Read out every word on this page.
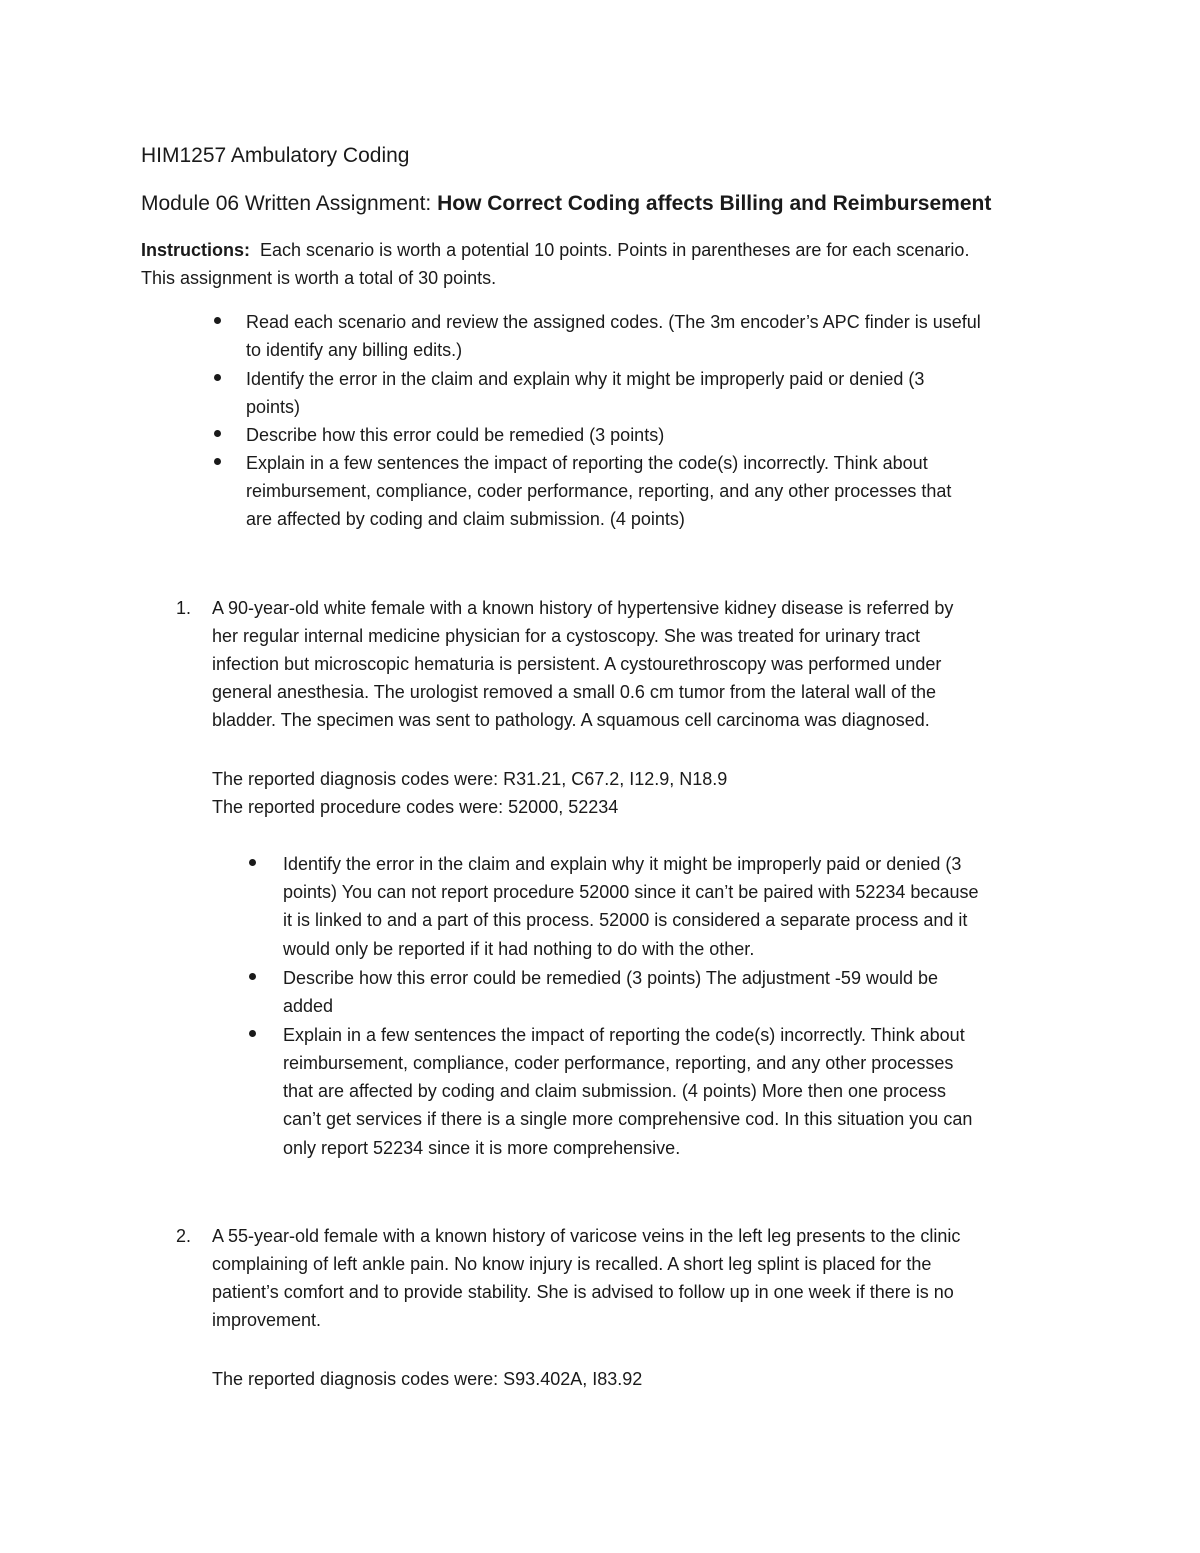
HIM1257 Ambulatory Coding
Module 06 Written Assignment: How Correct Coding affects Billing and Reimbursement
Instructions: Each scenario is worth a potential 10 points. Points in parentheses are for each scenario.
This assignment is worth a total of 30 points.
Read each scenario and review the assigned codes. (The 3m encoder’s APC finder is useful
to identify any billing edits.)
Identify the error in the claim and explain why it might be improperly paid or denied (3
points)
Describe how this error could be remedied (3 points)
Explain in a few sentences the impact of reporting the code(s) incorrectly. Think about
reimbursement, compliance, coder performance, reporting, and any other processes that
are affected by coding and claim submission. (4 points)
1. A 90-year-old white female with a known history of hypertensive kidney disease is referred by
her regular internal medicine physician for a cystoscopy. She was treated for urinary tract
infection but microscopic hematuria is persistent. A cystourethroscopy was performed under
general anesthesia. The urologist removed a small 0.6 cm tumor from the lateral wall of the
bladder. The specimen was sent to pathology. A squamous cell carcinoma was diagnosed.
The reported diagnosis codes were: R31.21, C67.2, I12.9, N18.9
The reported procedure codes were: 52000, 52234
Identify the error in the claim and explain why it might be improperly paid or denied (3
points) You can not report procedure 52000 since it can’t be paired with 52234 because
it is linked to and a part of this process. 52000 is considered a separate process and it
would only be reported if it had nothing to do with the other.
Describe how this error could be remedied (3 points) The adjustment -59 would be
added
Explain in a few sentences the impact of reporting the code(s) incorrectly. Think about
reimbursement, compliance, coder performance, reporting, and any other processes
that are affected by coding and claim submission. (4 points) More then one process
can’t get services if there is a single more comprehensive cod. In this situation you can
only report 52234 since it is more comprehensive.
2. A 55-year-old female with a known history of varicose veins in the left leg presents to the clinic
complaining of left ankle pain. No know injury is recalled. A short leg splint is placed for the
patient’s comfort and to provide stability. She is advised to follow up in one week if there is no
improvement.
The reported diagnosis codes were: S93.402A, I83.92
